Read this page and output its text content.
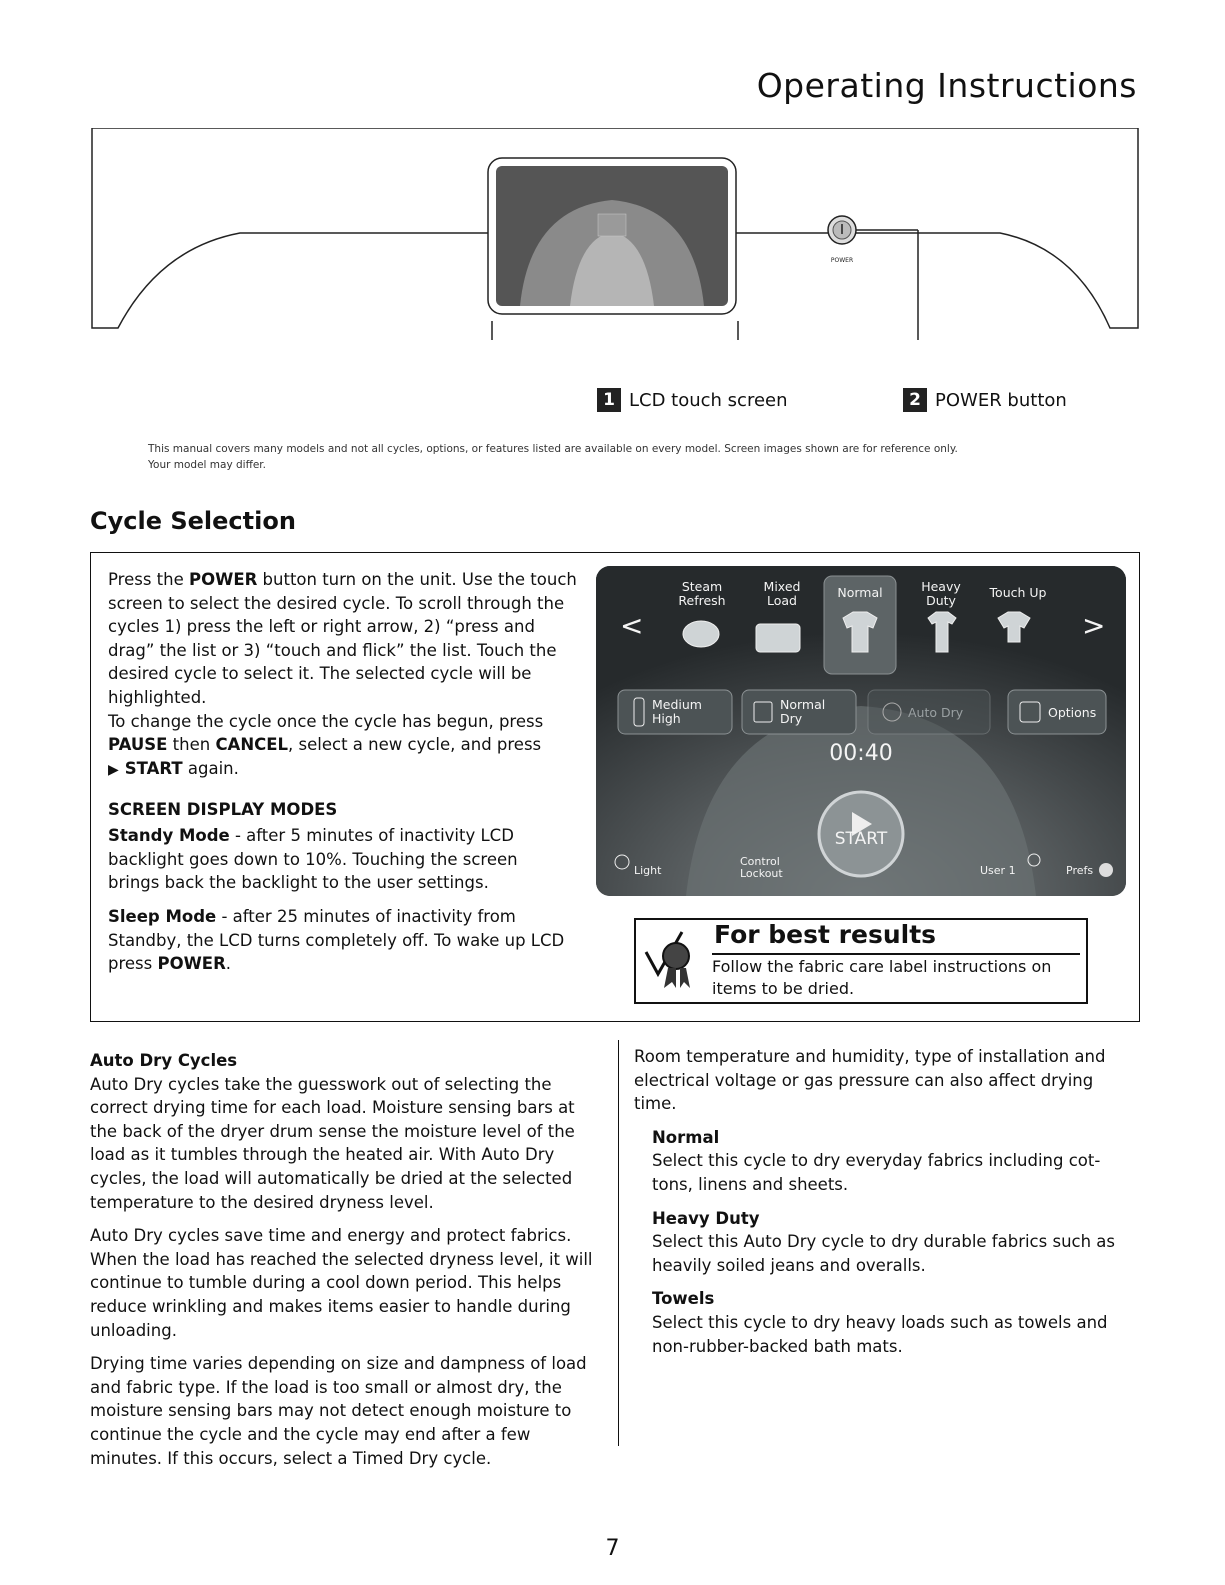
Operating Instructions
POWER
1 LCD touch screen	2 POWER button

This manual covers many models and not all cycles, options, or features listed are available on every model. Screen images shown are for reference only. Your model may differ.

Cycle Selection

Press the POWER button turn on the unit. Use the touch screen to select the desired cycle. To scroll through the cycles 1) press the left or right arrow, 2) “press and drag” the list or 3) “touch and flick” the list. Touch the desired cycle to select it. The selected cycle will be highlighted.
To change the cycle once the cycle has begun, press PAUSE then CANCEL, select a new cycle, and press
▶ START again.

SCREEN DISPLAY MODES

Standy Mode - after 5 minutes of inactivity LCD backlight goes down to 10%. Touching the screen brings back the backlight to the user settings.

Sleep Mode - after 25 minutes of inactivity from Standby, the LCD turns completely off. To wake up LCD press POWER.

Steam
Refresh
Mixed
Load
Normal	Heavy
Duty
Touch Up
<	>
Medium
High
Normal
Dry	Auto Dry	Options
00:40
START
Light
Control
Lockout	User 1	Prefs

For best results

Follow the fabric care label instructions on items to be dried.

Auto Dry Cycles

Auto Dry cycles take the guesswork out of selecting the correct drying time for each load. Moisture sensing bars at the back of the dryer drum sense the moisture level of the load as it tumbles through the heated air. With Auto Dry cycles, the load will automatically be dried at the selected temperature to the desired dryness level.

Auto Dry cycles save time and energy and protect fabrics. When the load has reached the selected dryness level, it will continue to tumble during a cool down period. This helps reduce wrinkling and makes items easier to handle during unloading.

Drying time varies depending on size and dampness of load and fabric type. If the load is too small or almost dry, the moisture sensing bars may not detect enough moisture to continue the cycle and the cycle may end after a few minutes. If this occurs, select a Timed Dry cycle.

Room temperature and humidity, type of installation and electrical voltage or gas pressure can also affect drying time.

Normal

Select this cycle to dry everyday fabrics including cot-tons, linens and sheets.

Heavy Duty

Select this Auto Dry cycle to dry durable fabrics such as heavily soiled jeans and overalls.

Towels

Select this cycle to dry heavy loads such as towels and non-rubber-backed bath mats.

7
